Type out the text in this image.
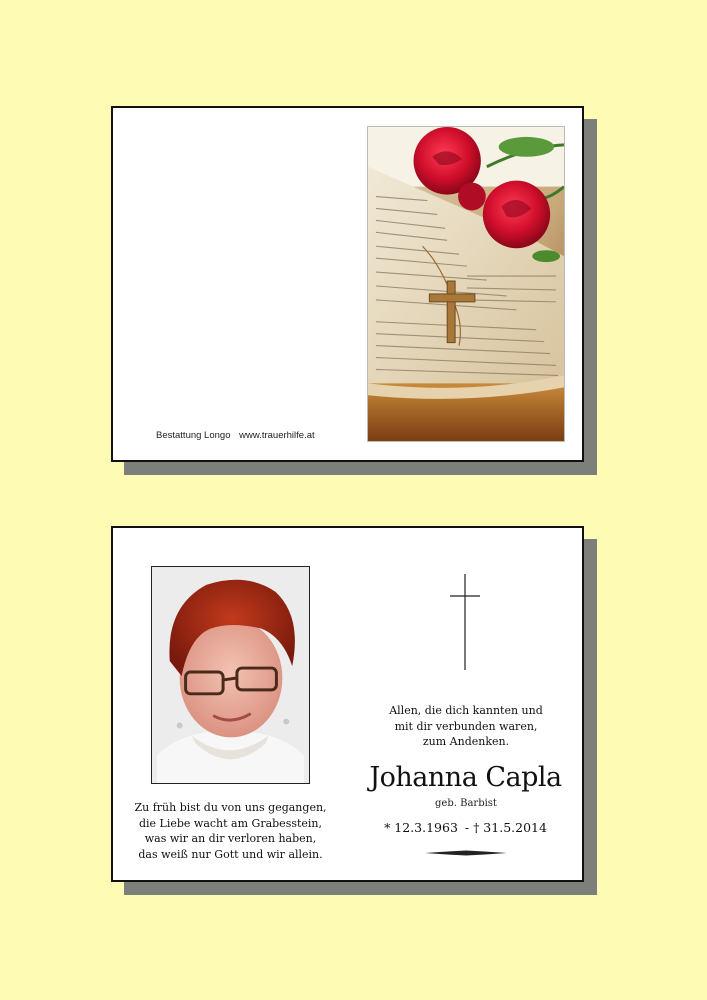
Bestattung Longo www.trauerhilfe.at
Zu früh bist du von uns gegangen,
die Liebe wacht am Grabesstein,
was wir an dir verloren haben,
das weiß nur Gott und wir allein.
Allen, die dich kannten und
mit dir verbunden waren,
zum Andenken.
Johanna Capla
geb. Barbist
* 12.3.1963 - † 31.5.2014
